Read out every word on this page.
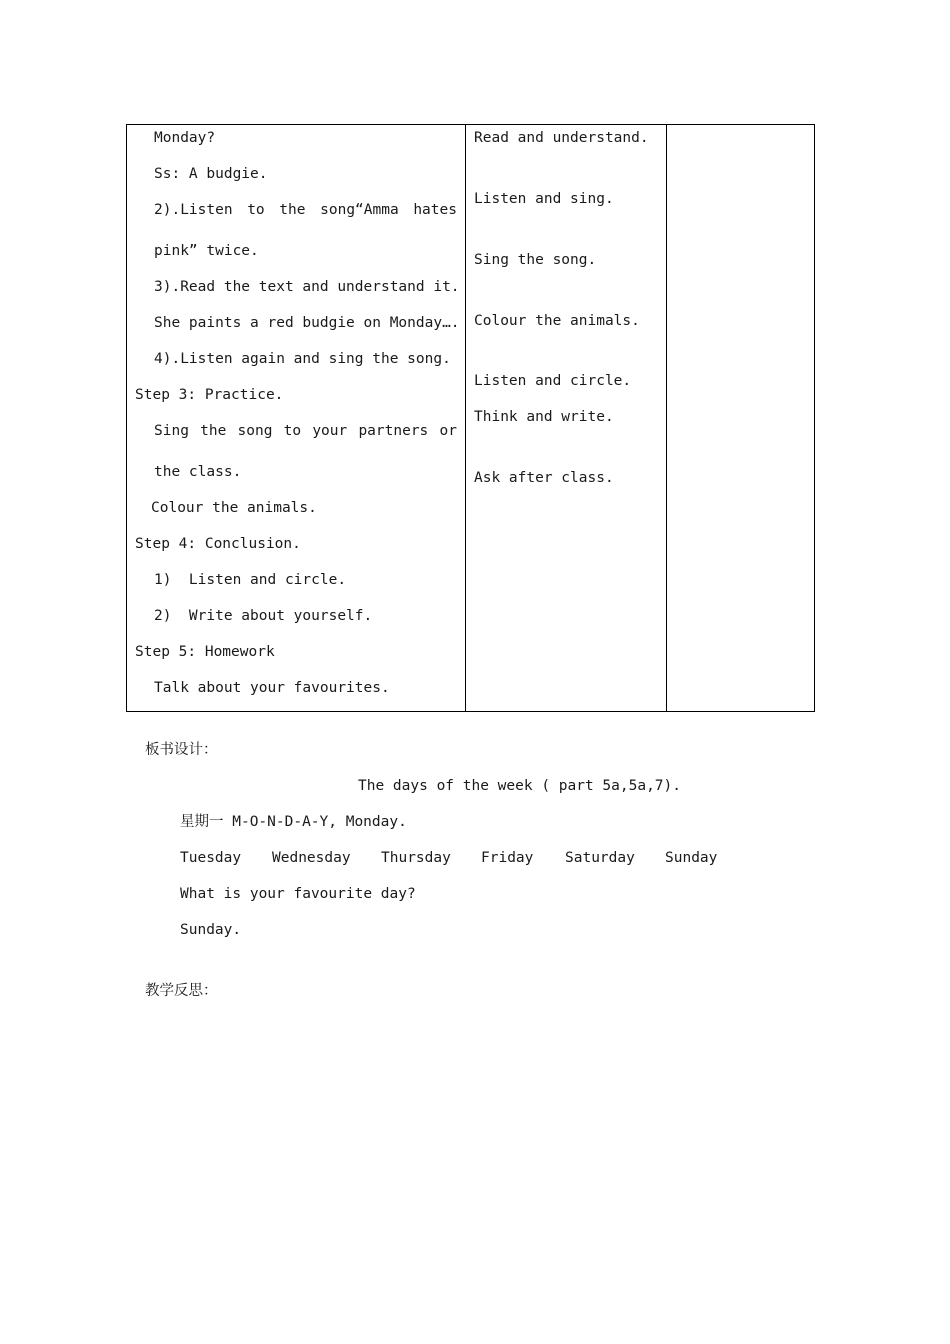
Monday?
Ss: A budgie.
2).Listen to the song“Amma hates
pink” twice.
3).Read the text and understand it.
She paints a red budgie on Monday….
4).Listen again and sing the song.
Step 3: Practice.
Sing the song to your partners or
the class.
Colour the animals.
Step 4: Conclusion.
1)  Listen and circle.
2)  Write about yourself.
Step 5: Homework
Talk about your favourites.
Read and understand.
Listen and sing.
Sing the song.
Colour the animals.
Listen and circle.
Think and write.
Ask after class.
板书设计：
The days of the week ( part 5a,5a,7).
星期一 M-O-N-D-A-Y, Monday.
Tuesday Wednesday Thursday Friday Saturday Sunday
What is your favourite day?
Sunday.
教学反思：
